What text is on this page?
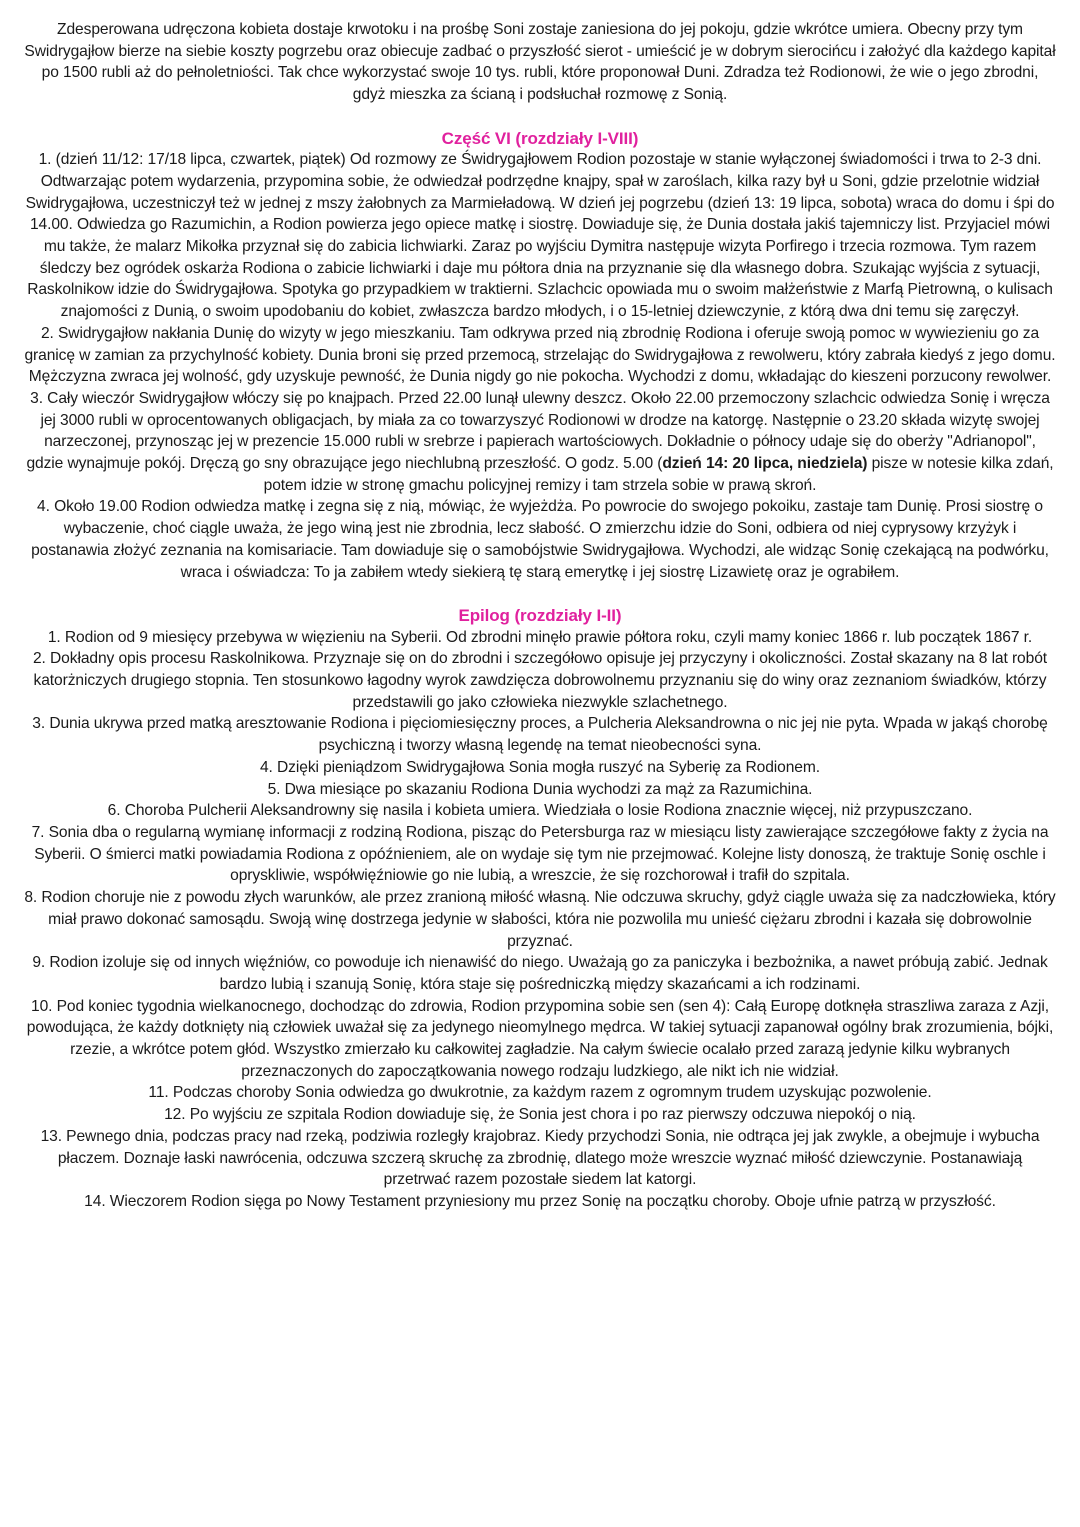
Zdesperowana udręczona kobieta dostaje krwotoku i na prośbę Soni zostaje zaniesiona do jej pokoju, gdzie wkrótce umiera. Obecny przy tym Swidrygajłow bierze na siebie koszty pogrzebu oraz obiecuje zadbać o przyszłość sierot - umieścić je w dobrym sierocińcu i założyć dla każdego kapitał po 1500 rubli aż do pełnoletniości. Tak chce wykorzystać swoje 10 tys. rubli, które proponował Duni. Zdradza też Rodionowi, że wie o jego zbrodni, gdyż mieszka za ścianą i podsłuchał rozmowę z Sonią.

Część VI (rozdziały I-VIII)

1. (dzień 11/12: 17/18 lipca, czwartek, piątek) Od rozmowy ze Świdrygajłowem Rodion pozostaje w stanie wyłączonej świadomości i trwa to 2-3 dni. Odtwarzając potem wydarzenia, przypomina sobie, że odwiedzał podrzędne knajpy, spał w zaroślach, kilka razy był u Soni, gdzie przelotnie widział Swidrygajłowa, uczestniczył też w jednej z mszy żałobnych za Marmieładową. W dzień jej pogrzebu (dzień 13: 19 lipca, sobota) wraca do domu i śpi do 14.00. Odwiedza go Razumichin, a Rodion powierza jego opiece matkę i siostrę. Dowiaduje się, że Dunia dostała jakiś tajemniczy list. Przyjaciel mówi mu także, że malarz Mikołka przyznał się do zabicia lichwiarki. Zaraz po wyjściu Dymitra następuje wizyta Porfirego i trzecia rozmowa. Tym razem śledczy bez ogródek oskarża Rodiona o zabicie lichwiarki i daje mu półtora dnia na przyznanie się dla własnego dobra. Szukając wyjścia z sytuacji, Raskolnikow idzie do Świdrygajłowa. Spotyka go przypadkiem w traktierni. Szlachcic opowiada mu o swoim małżeństwie z Marfą Pietrowną, o kulisach znajomości z Dunią, o swoim upodobaniu do kobiet, zwłaszcza bardzo młodych, i o 15-letniej dziewczynie, z którą dwa dni temu się zaręczył.

2. Swidrygajłow nakłania Dunię do wizyty w jego mieszkaniu. Tam odkrywa przed nią zbrodnię Rodiona i oferuje swoją pomoc w wywiezieniu go za granicę w zamian za przychylność kobiety. Dunia broni się przed przemocą, strzelając do Swidrygajłowa z rewolweru, który zabrała kiedyś z jego domu. Mężczyzna zwraca jej wolność, gdy uzyskuje pewność, że Dunia nigdy go nie pokocha. Wychodzi z domu, wkładając do kieszeni porzucony rewolwer.

3. Cały wieczór Swidrygajłow włóczy się po knajpach. Przed 22.00 lunął ulewny deszcz. Około 22.00 przemoczony szlachcic odwiedza Sonię i wręcza jej 3000 rubli w oprocentowanych obligacjach, by miała za co towarzyszyć Rodionowi w drodze na katorgę. Następnie o 23.20 składa wizytę swojej narzeczonej, przynosząc jej w prezencie 15.000 rubli w srebrze i papierach wartościowych. Dokładnie o północy udaje się do oberży "Adrianopol", gdzie wynajmuje pokój. Dręczą go sny obrazujące jego niechlubną przeszłość. O godz. 5.00 (dzień 14: 20 lipca, niedziela) pisze w notesie kilka zdań, potem idzie w stronę gmachu policyjnej remizy i tam strzela sobie w prawą skroń.

4. Około 19.00 Rodion odwiedza matkę i zegna się z nią, mówiąc, że wyjeżdża. Po powrocie do swojego pokoiku, zastaje tam Dunię. Prosi siostrę o wybaczenie, choć ciągle uważa, że jego winą jest nie zbrodnia, lecz słabość. O zmierzchu idzie do Soni, odbiera od niej cyprysowy krzyżyk i postanawia złożyć zeznania na komisariacie. Tam dowiaduje się o samobójstwie Swidrygajłowa. Wychodzi, ale widząc Sonię czekającą na podwórku, wraca i oświadcza: To ja zabiłem wtedy siekierą tę starą emerytkę i jej siostrę Lizawietę oraz je ograbiłem.

Epilog (rozdziały I-II)

1. Rodion od 9 miesięcy przebywa w więzieniu na Syberii. Od zbrodni minęło prawie półtora roku, czyli mamy koniec 1866 r. lub początek 1867 r.

2. Dokładny opis procesu Raskolnikowa. Przyznaje się on do zbrodni i szczegółowo opisuje jej przyczyny i okoliczności. Został skazany na 8 lat robót katorżniczych drugiego stopnia. Ten stosunkowo łagodny wyrok zawdzięcza dobrowolnemu przyznaniu się do winy oraz zeznaniom świadków, którzy przedstawili go jako człowieka niezwykle szlachetnego.

3. Dunia ukrywa przed matką aresztowanie Rodiona i pięciomiesięczny proces, a Pulcheria Aleksandrowna o nic jej nie pyta. Wpada w jakąś chorobę psychiczną i tworzy własną legendę na temat nieobecności syna.

4. Dzięki pieniądzom Swidrygajłowa Sonia mogła ruszyć na Syberię za Rodionem.

5. Dwa miesiące po skazaniu Rodiona Dunia wychodzi za mąż za Razumichina.

6. Choroba Pulcherii Aleksandrowny się nasila i kobieta umiera. Wiedziała o losie Rodiona znacznie więcej, niż przypuszczano.

7. Sonia dba o regularną wymianę informacji z rodziną Rodiona, pisząc do Petersburga raz w miesiącu listy zawierające szczegółowe fakty z życia na Syberii. O śmierci matki powiadamia Rodiona z opóźnieniem, ale on wydaje się tym nie przejmować. Kolejne listy donoszą, że traktuje Sonię oschle i opryskliwie, współwięźniowie go nie lubią, a wreszcie, że się rozchorował i trafił do szpitala.

8. Rodion choruje nie z powodu złych warunków, ale przez zranioną miłość własną. Nie odczuwa skruchy, gdyż ciągle uważa się za nadczłowieka, który miał prawo dokonać samosądu. Swoją winę dostrzega jedynie w słabości, która nie pozwolila mu unieść ciężaru zbrodni i kazała się dobrowolnie przyznać.

9. Rodion izoluje się od innych więźniów, co powoduje ich nienawiść do niego. Uważają go za paniczyka i bezbożnika, a nawet próbują zabić. Jednak bardzo lubią i szanują Sonię, która staje się pośredniczką między skazańcami a ich rodzinami.

10. Pod koniec tygodnia wielkanocnego, dochodząc do zdrowia, Rodion przypomina sobie sen (sen 4): Całą Europę dotknęła straszliwa zaraza z Azji, powodująca, że każdy dotknięty nią człowiek uważał się za jedynego nieomylnego mędrca. W takiej sytuacji zapanował ogólny brak zrozumienia, bójki, rzezie, a wkrótce potem głód. Wszystko zmierzało ku całkowitej zagładzie. Na całym świecie ocalało przed zarazą jedynie kilku wybranych przeznaczonych do zapoczątkowania nowego rodzaju ludzkiego, ale nikt ich nie widział.

11. Podczas choroby Sonia odwiedza go dwukrotnie, za każdym razem z ogromnym trudem uzyskując pozwolenie.

12. Po wyjściu ze szpitala Rodion dowiaduje się, że Sonia jest chora i po raz pierwszy odczuwa niepokój o nią.

13. Pewnego dnia, podczas pracy nad rzeką, podziwia rozległy krajobraz. Kiedy przychodzi Sonia, nie odtrąca jej jak zwykle, a obejmuje i wybucha płaczem. Doznaje łaski nawrócenia, odczuwa szczerą skruchę za zbrodnię, dlatego może wreszcie wyznać miłość dziewczynie. Postanawiają przetrwać razem pozostałe siedem lat katorgi.

14. Wieczorem Rodion sięga po Nowy Testament przyniesiony mu przez Sonię na początku choroby. Oboje ufnie patrzą w przyszłość.
